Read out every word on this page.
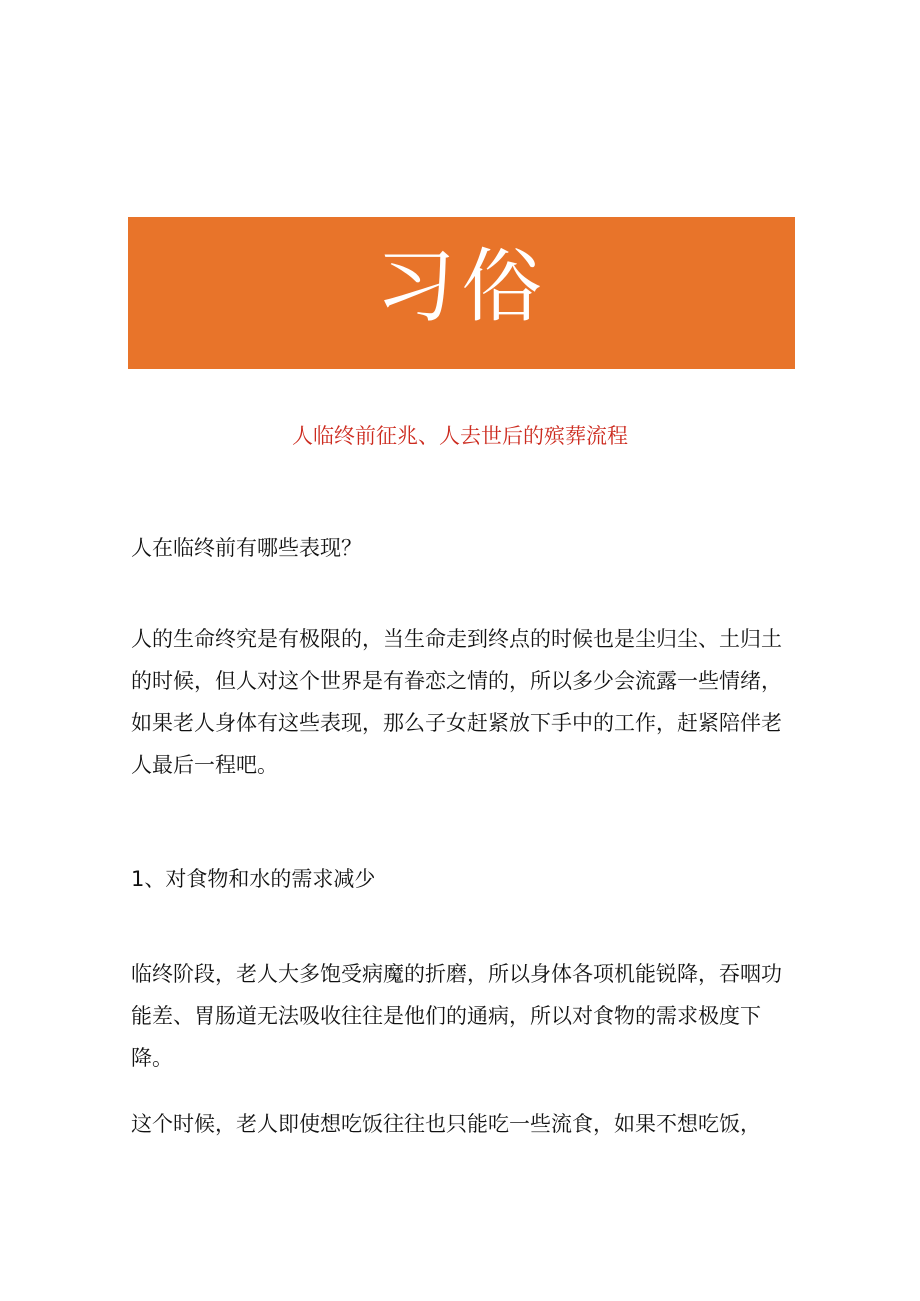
习俗
人临终前征兆、人去世后的殡葬流程

人在临终前有哪些表现？

人的生命终究是有极限的，当生命走到终点的时候也是尘归尘、土归土的时候，但人对这个世界是有眷恋之情的，所以多少会流露一些情绪，如果老人身体有这些表现，那么子女赶紧放下手中的工作，赶紧陪伴老人最后一程吧。

1、对食物和水的需求减少

临终阶段，老人大多饱受病魔的折磨，所以身体各项机能锐降，吞咽功能差、胃肠道无法吸收往往是他们的通病，所以对食物的需求极度下降。

这个时候，老人即使想吃饭往往也只能吃一些流食，如果不想吃饭，
